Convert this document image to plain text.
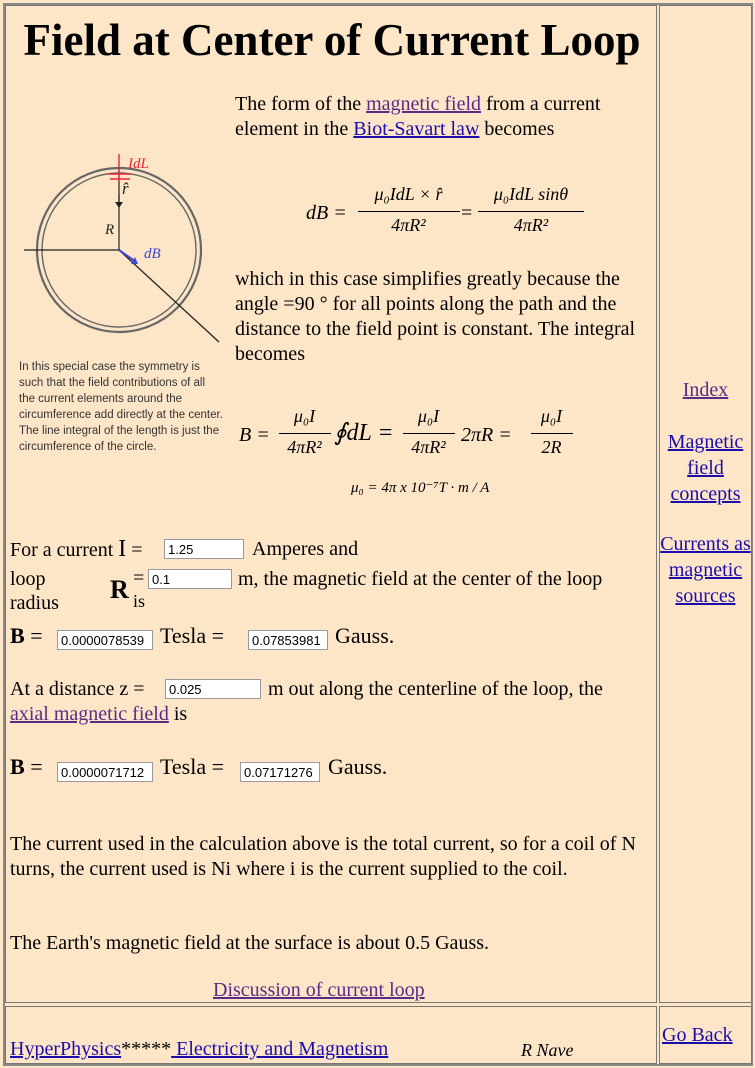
Field at Center of Current Loop
The form of the magnetic field from a current element in the Biot-Savart law becomes
IdL
r̂
R
dB
In this special case the symmetry is such that the field contributions of all the current elements around the circumference add directly at the center. The line integral of the length is just the circumference of the circle.
dB =
μ₀IdL × r̂
4πR²
=
μ₀IdL sinθ
4πR²
which in this case simplifies greatly because the angle =90 ° for all points along the path and the distance to the field point is constant. The integral becomes
B =
μ₀I
4πR²
∮dL =
μ₀I
4πR²
2πR =
μ₀I
2R
μ₀ = 4π x 10⁻⁷T · m / A
For a current I =
1.25	Amperes and
loop
radius R =
is
0.1
m, the magnetic field at the center of the loop
B =
0.0000078539	Tesla =
0.07853981	Gauss.
At a distance z =
0.025	m out along the centerline of the loop, the
axial magnetic field is
B =
0.0000071712	Tesla =
0.07171276	Gauss.
The current used in the calculation above is the total current, so for a coil of N turns, the current used is Ni where i is the current supplied to the coil.
The Earth's magnetic field at the surface is about 0.5 Gauss.
Discussion of current loop
Index
Magnetic field concepts
Currents as magnetic sources
HyperPhysics***** Electricity and Magnetism	R Nave
Go Back
